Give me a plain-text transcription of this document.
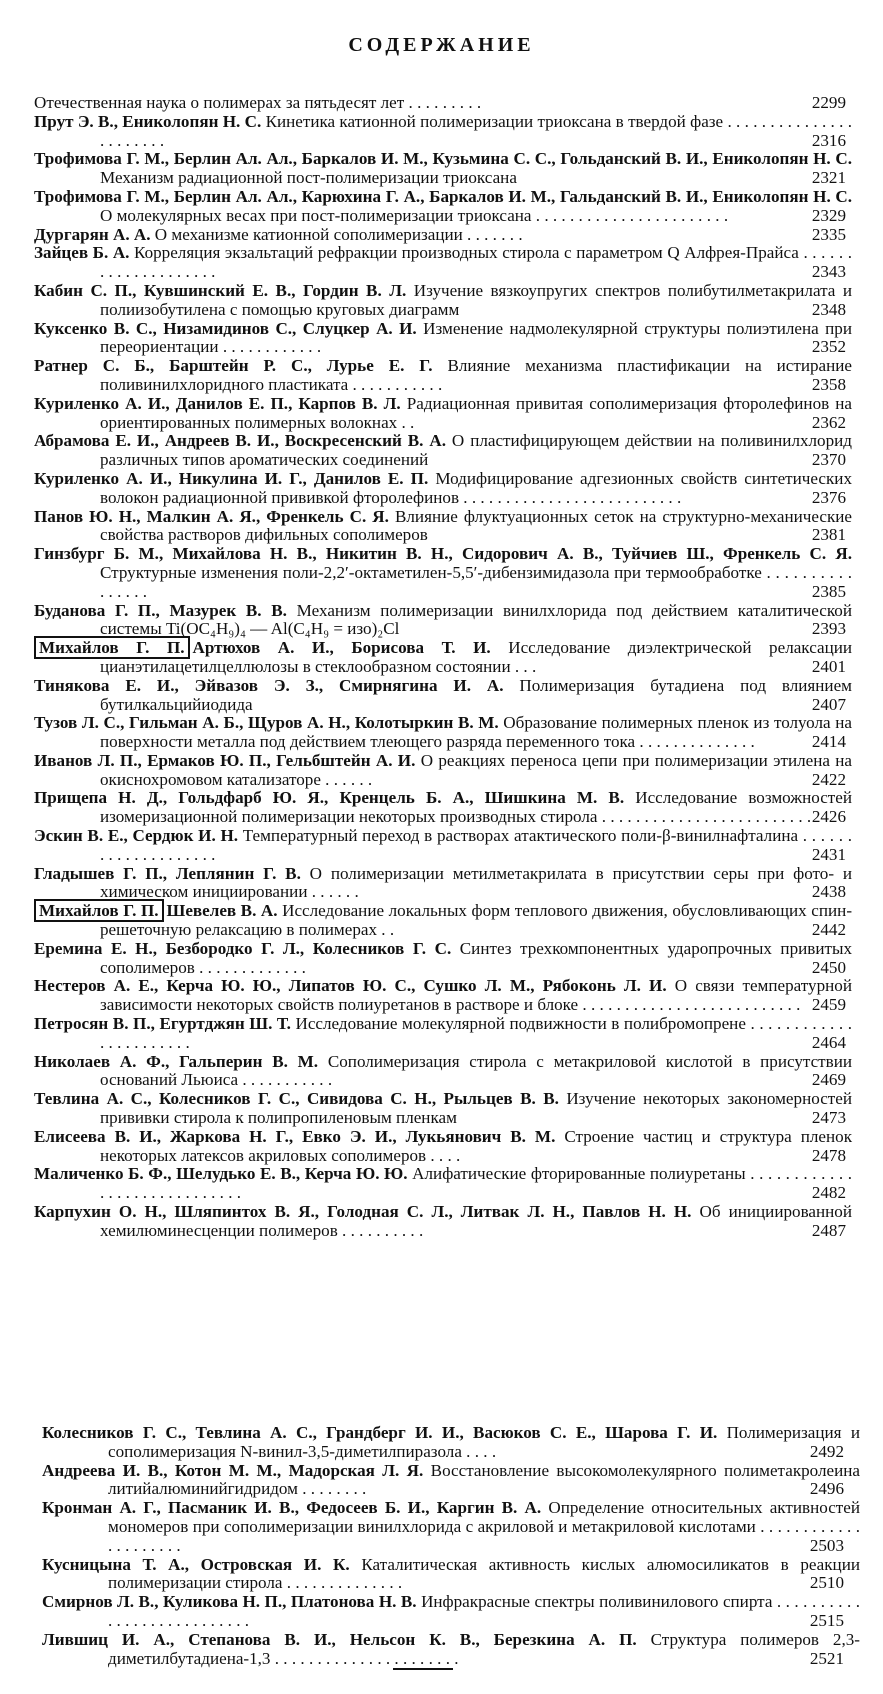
СОДЕРЖАНИЕ
Отечественная наука о полимерах за пятьдесят лет . . . . . . . . .	2299
Прут Э. В., Ениколопян Н. С. Кинетика катионной полимеризации триоксана в твердой фазе . . . . . . . . . . . . . . . . . . . . . . .	2316
Трофимова Г. М., Берлин Ал. Ал., Баркалов И. М., Кузьмина С. С., Гольданский В. И., Ениколопян Н. С. Механизм радиационной пост-полимеризации триоксана	2321
Трофимова Г. М., Берлин Ал. Ал., Карюхина Г. А., Баркалов И. М., Гальданский В. И., Ениколопян Н. С. О молекулярных весах при пост-полимеризации триоксана . . . . . . . . . . . . . . . . . . . . . . .	2329
Дургарян А. А. О механизме катионной сополимеризации . . . . . . .	2335
Зайцев Б. А. Корреляция экзальтаций рефракции производных стирола с параметром Q Алфрея-Прайса . . . . . . . . . . . . . . . . . . . .	2343
Кабин С. П., Кувшинский Е. В., Гордин В. Л. Изучение вязкоупругих спектров полибутилметакрилата и полиизобутилена с помощью круговых диаграмм	2348
Куксенко В. С., Низамидинов С., Слуцкер А. И. Изменение надмолекулярной структуры полиэтилена при переориентации . . . . . . . . . . . .	2352
Ратнер С. Б., Барштейн Р. С., Лурье Е. Г. Влияние механизма пластификации на истирание поливинилхлоридного пластиката . . . . . . . . . . .	2358
Куриленко А. И., Данилов Е. П., Карпов В. Л. Радиационная привитая сополимеризация фторолефинов на ориентированных полимерных волокнах . .	2362
Абрамова Е. И., Андреев В. И., Воскресенский В. А. О пластифицирующем действии на поливинилхлорид различных типов ароматических соединений	2370
Куриленко А. И., Никулина И. Г., Данилов Е. П. Модифицирование адгезионных свойств синтетических волокон радиационной прививкой фторолефинов . . . . . . . . . . . . . . . . . . . . . . . . . .	2376
Панов Ю. Н., Малкин А. Я., Френкель С. Я. Влияние флуктуационных сеток на структурно-механические свойства растворов дифильных сополимеров	2381
Гинзбург Б. М., Михайлова Н. В., Никитин В. Н., Сидорович А. В., Туйчиев Ш., Френкель С. Я. Структурные изменения поли-2,2′-октаметилен-5,5′-дибензимидазола при термообработке . . . . . . . . . . . . . . . .	2385
Буданова Г. П., Мазурек В. В. Механизм полимеризации винилхлорида под действием каталитической системы Ti(OC₄H₉)₄ — Al(C₄H₉ = изо)₂Cl	2393
Михайлов Г. П. Артюхов А. И., Борисова Т. И. Исследование диэлектрической релаксации цианэтилацетилцеллюлозы в стеклообразном состоянии . . .	2401
Тинякова Е. И., Эйвазов Э. З., Смирнягина И. А. Полимеризация бутадиена под влиянием бутилкальцийиодида	2407
Тузов Л. С., Гильман А. Б., Щуров А. Н., Колотыркин В. М. Образование полимерных пленок из толуола на поверхности металла под действием тлеющего разряда переменного тока . . . . . . . . . . . . . .	2414
Иванов Л. П., Ермаков Ю. П., Гельбштейн А. И. О реакциях переноса цепи при полимеризации этилена на окиснохромовом катализаторе . . . . . .	2422
Прищепа Н. Д., Гольдфарб Ю. Я., Кренцель Б. А., Шишкина М. В. Исследование возможностей изомеризационной полимеризации некоторых производных стирола . . . . . . . . . . . . . . . . . . . . . . . . . 2426
Эскин В. Е., Сердюк И. Н. Температурный переход в растворах атактического поли-β-винилнафталина . . . . . . . . . . . . . . . . . . . .	2431
Гладышев Г. П., Леплянин Г. В. О полимеризации метилметакрилата в присутствии серы при фото- и химическом инициировании . . . . . .	2438
Михайлов Г. П. Шевелев В. А. Исследование локальных форм теплового движения, обусловливающих спин-решеточную релаксацию в полимерах . .	2442
Еремина Е. Н., Безбородко Г. Л., Колесников Г. С. Синтез трехкомпонентных ударопрочных привитых сополимеров . . . . . . . . . . . . .	2450
Нестеров А. Е., Керча Ю. Ю., Липатов Ю. С., Сушко Л. М., Рябоконь Л. И. О связи температурной зависимости некоторых свойств полиуретанов в растворе и блоке . . . . . . . . . . . . . . . . . . . . . . . . . . 2459
Петросян В. П., Егуртджян Ш. Т. Исследование молекулярной подвижности в полибромопрене . . . . . . . . . . . . . . . . . . . . . . .	2464
Николаев А. Ф., Гальперин В. М. Сополимеризация стирола с метакриловой кислотой в присутствии оснований Льюиса . . . . . . . . . . .	2469
Тевлина А. С., Колесников Г. С., Сивидова С. Н., Рыльцев В. В. Изучение некоторых закономерностей прививки стирола к полипропиленовым пленкам	2473
Елисеева В. И., Жаркова Н. Г., Евко Э. И., Лукьянович В. М. Строение частиц и структура пленок некоторых латексов акриловых сополимеров . . . .	2478
Маличенко Б. Ф., Шелудько Е. В., Керча Ю. Ю. Алифатические фторированные полиуретаны . . . . . . . . . . . . . . . . . . . . . . . . . . . . .	2482
Карпухин О. Н., Шляпинтох В. Я., Голодная С. Л., Литвак Л. Н., Павлов Н. Н. Об инициированной хемилюминесценции полимеров . . . . . . . . . .	2487
Колесников Г. С., Тевлина А. С., Грандберг И. И., Васюков С. Е., Шарова Г. И. Полимеризация и сополимеризация N-винил-3,5-диметилпиразола . . . .	2492
Андреева И. В., Котон М. М., Мадорская Л. Я. Восстановление высокомолекулярного полиметакролеина литийалюминийгидридом . . . . . . . .	2496
Кронман А. Г., Пасманик И. В., Федосеев Б. И., Каргин В. А. Определение относительных активностей мономеров при сополимеризации винилхлорида с акриловой и метакриловой кислотами . . . . . . . . . . . . . . . . . . . . .	2503
Кусницына Т. А., Островская И. К. Каталитическая активность кислых алюмосиликатов в реакции полимеризации стирола . . . . . . . . . . . . . .	2510
Смирнов Л. В., Куликова Н. П., Платонова Н. В. Инфракрасные спектры поливинилового спирта . . . . . . . . . . . . . . . . . . . . . . . . . . .	2515
Лившиц И. А., Степанова В. И., Нельсон К. В., Березкина А. П. Структура полимеров 2,3-диметилбутадиена-1,3 . . . . . . . . . . . . . . . . . . . . . .	2521
